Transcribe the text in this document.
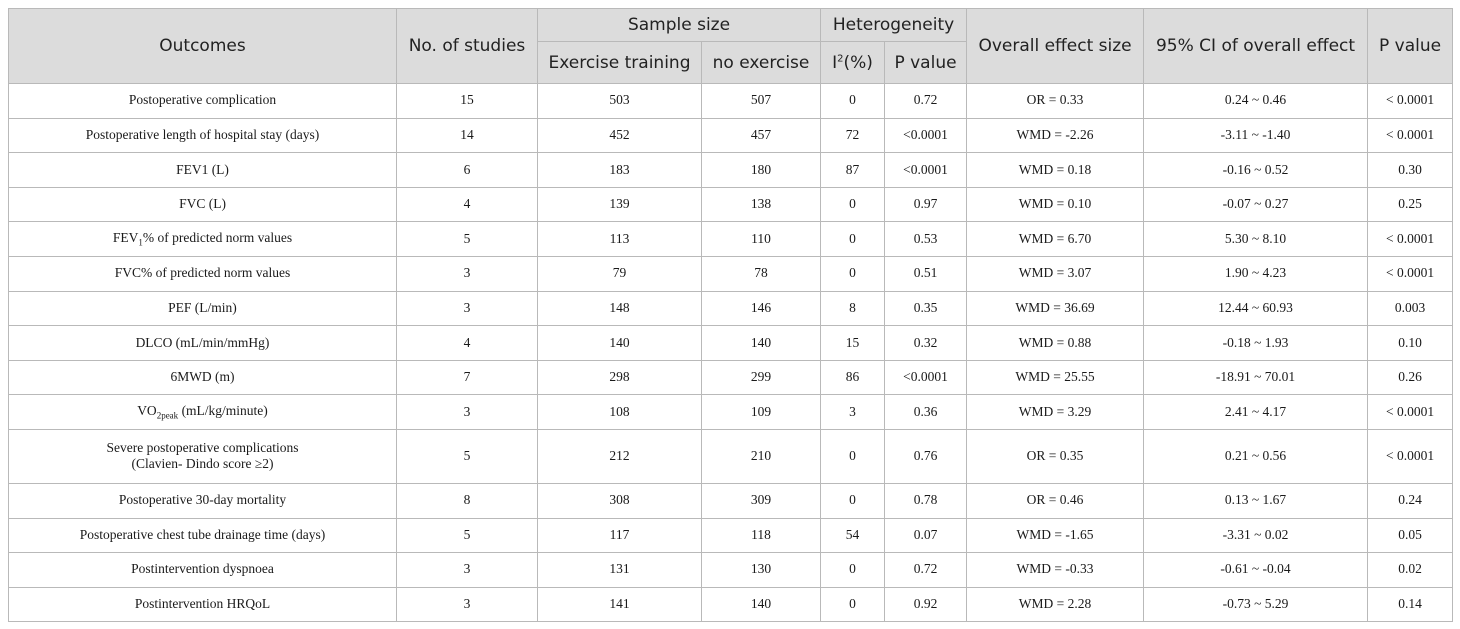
Outcomes	No. of studies	Sample size		Heterogeneity		Overall effect size	95% CI of overall effect	P value
		Exercise training	no exercise	$I^2(\%)$	P value			
Postoperative complication	15	503	507	0	0.72	OR = 0.33	0.24 ~ 0.46	< 0.0001
Postoperative length of hospital stay (days)	14	452	457	72	<0.0001	WMD = -2.26	-3.11 ~ -1.40	< 0.0001
FEV1 (L)	6	183	180	87	<0.0001	WMD = 0.18	-0.16 ~ 0.52	0.30
FVC (L)	4	139	138	0	0.97	WMD = 0.10	-0.07 ~ 0.27	0.25
$FEV_1\%$ of predicted norm values	5	113	110	0	0.53	WMD = 6.70	5.30 ~ 8.10	< 0.0001
FVC% of predicted norm values	3	79	78	0	0.51	WMD = 3.07	1.90 ~ 4.23	< 0.0001
PEF (L/min)	3	148	146	8	0.35	WMD = 36.69	12.44 ~ 60.93	0.003
DLCO (mL/min/mmHg)	4	140	140	15	0.32	WMD = 0.88	-0.18 ~ 1.93	0.10
6MWD (m)	7	298	299	86	<0.0001	WMD = 25.55	-18.91 ~ 70.01	0.26
$VO_{2peak}$ (mL/kg/minute)	3	108	109	3	0.36	WMD = 3.29	2.41 ~ 4.17	< 0.0001
Severe postoperative complications
(Clavien- Dindo score ≥2)	5	212	210	0	0.76	OR = 0.35	0.21 ~ 0.56	< 0.0001
Postoperative 30-day mortality	8	308	309	0	0.78	OR = 0.46	0.13 ~ 1.67	0.24
Postoperative chest tube drainage time (days)	5	117	118	54	0.07	WMD = -1.65	-3.31 ~ 0.02	0.05
Postintervention dyspnoea	3	131	130	0	0.72	WMD = -0.33	-0.61 ~ -0.04	0.02
Postintervention HRQoL	3	141	140	0	0.92	WMD = 2.28	-0.73 ~ 5.29	0.14
